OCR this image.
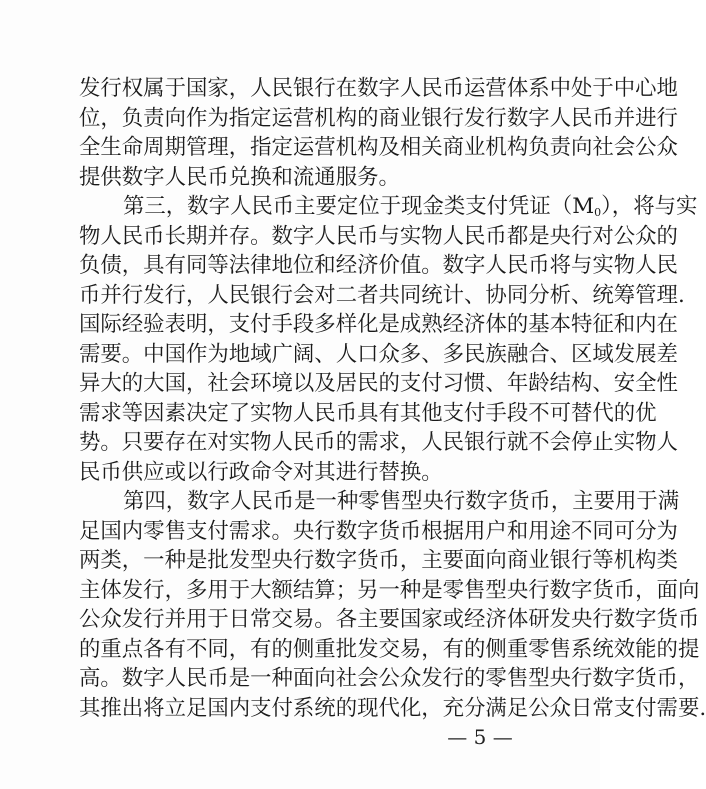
发行权属于国家，人民银行在数字人民币运营体系中处于中心地
位，负责向作为指定运营机构的商业银行发行数字人民币并进行
全生命周期管理，指定运营机构及相关商业机构负责向社会公众
提供数字人民币兑换和流通服务。
第三，数字人民币主要定位于现金类支付凭证$(M_0)$，将与实
物人民币长期并存。数字人民币与实物人民币都是央行对公众的
负债，具有同等法律地位和经济价值。数字人民币将与实物人民
币并行发行，人民银行会对二者共同统计、协同分析、统筹管理.
国际经验表明，支付手段多样化是成熟经济体的基本特征和内在
需要。中国作为地域广阔、人口众多、多民族融合、区域发展差
异大的大国，社会环境以及居民的支付习惯、年龄结构、安全性
需求等因素决定了实物人民币具有其他支付手段不可替代的优
势。只要存在对实物人民币的需求，人民银行就不会停止实物人
民币供应或以行政命令对其进行替换。
第四，数字人民币是一种零售型央行数字货币，主要用于满
足国内零售支付需求。央行数字货币根据用户和用途不同可分为
两类，一种是批发型央行数字货币，主要面向商业银行等机构类
主体发行，多用于大额结算；另一种是零售型央行数字货币，面向
公众发行并用于日常交易。各主要国家或经济体研发央行数字货币
的重点各有不同，有的侧重批发交易，有的侧重零售系统效能的提
高。数字人民币是一种面向社会公众发行的零售型央行数字货币，
其推出将立足国内支付系统的现代化，充分满足公众日常支付需要.
— 5 —
